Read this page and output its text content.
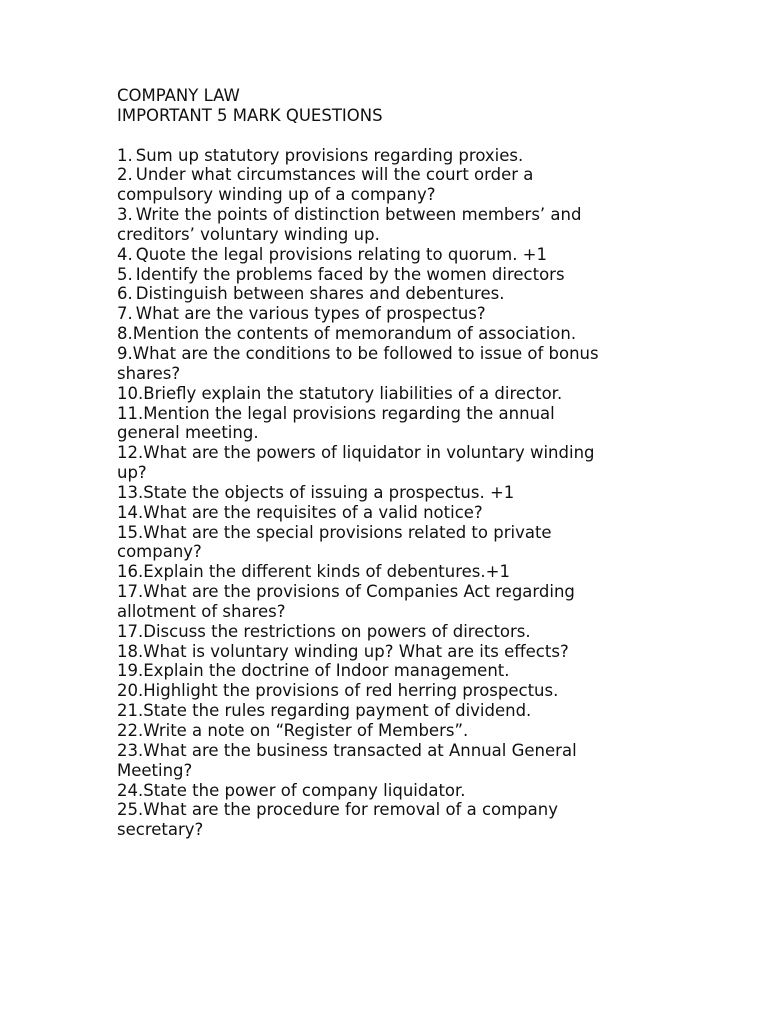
COMPANY LAW

IMPORTANT 5 MARK QUESTIONS

1. Sum up statutory provisions regarding proxies.
2. Under what circumstances will the court order a compulsory winding up of a company?
3. Write the points of distinction between members’ and creditors’ voluntary winding up.
4. Quote the legal provisions relating to quorum. +1
5. Identify the problems faced by the women directors
6. Distinguish between shares and debentures.
7. What are the various types of prospectus?
8.Mention the contents of memorandum of association.
9.What are the conditions to be followed to issue of bonus shares?
10.Briefly explain the statutory liabilities of a director.
11.Mention the legal provisions regarding the annual general meeting.
12.What are the powers of liquidator in voluntary winding up?
13.State the objects of issuing a prospectus. +1
14.What are the requisites of a valid notice?
15.What are the special provisions related to private company?
16.Explain the different kinds of debentures.+1
17.What are the provisions of Companies Act regarding allotment of shares?
17.Discuss the restrictions on powers of directors.
18.What is voluntary winding up? What are its effects?
19.Explain the doctrine of Indoor management.
20.Highlight the provisions of red herring prospectus.
21.State the rules regarding payment of dividend.
22.Write a note on “Register of Members”.
23.What are the business transacted at Annual General Meeting?
24.State the power of company liquidator.
25.What are the procedure for removal of a company secretary?
